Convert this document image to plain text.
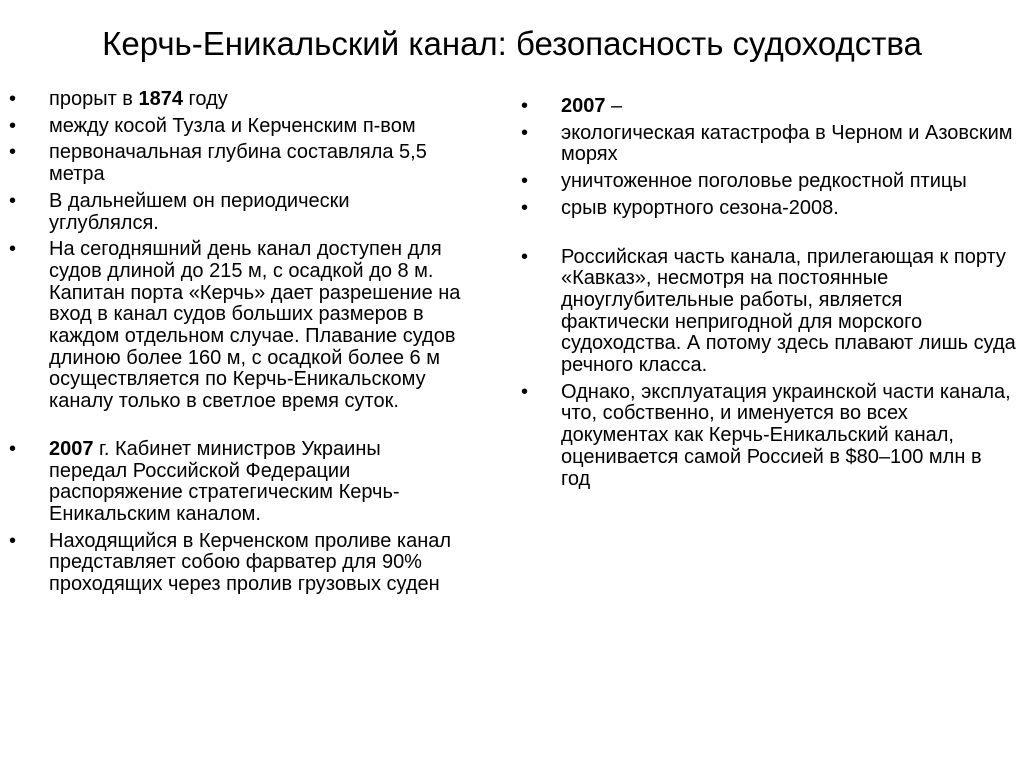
Керчь-Еникальский канал: безопасность судоходства
•	прорыт в 1874 году
•	между косой Тузла и Керченским п-вом
•	первоначальная глубина составляла 5,5 метра
•	В дальнейшем он периодически углублялся.
•	На сегодняшний день канал доступен для судов длиной до 215 м, с осадкой до 8 м. Капитан порта «Керчь» дает разрешение на вход в канал судов больших размеров в каждом отдельном случае. Плавание судов длиною более 160 м, с осадкой более 6 м осуществляется по Керчь-Еникальскому каналу только в светлое время суток.
•	2007 г. Кабинет министров Украины передал Российской Федерации распоряжение стратегическим Керчь-Еникальским каналом.
•	Находящийся в Керченском проливе канал представляет собою фарватер для 90% проходящих через пролив грузовых суден
•	2007 –
•	экологическая катастрофа в Черном и Азовским морях
•	уничтоженное поголовье редкостной птицы
•	срыв курортного сезона-2008.
•	Российская часть канала, прилегающая к порту «Кавказ», несмотря на постоянные дноуглубительные работы, является фактически непригодной для морского судоходства. А потому здесь плавают лишь суда речного класса.
•	Однако, эксплуатация украинской части канала, что, собственно, и именуется во всех документах как Керчь-Еникальский канал, оценивается самой Россией в $80–100 млн в год
